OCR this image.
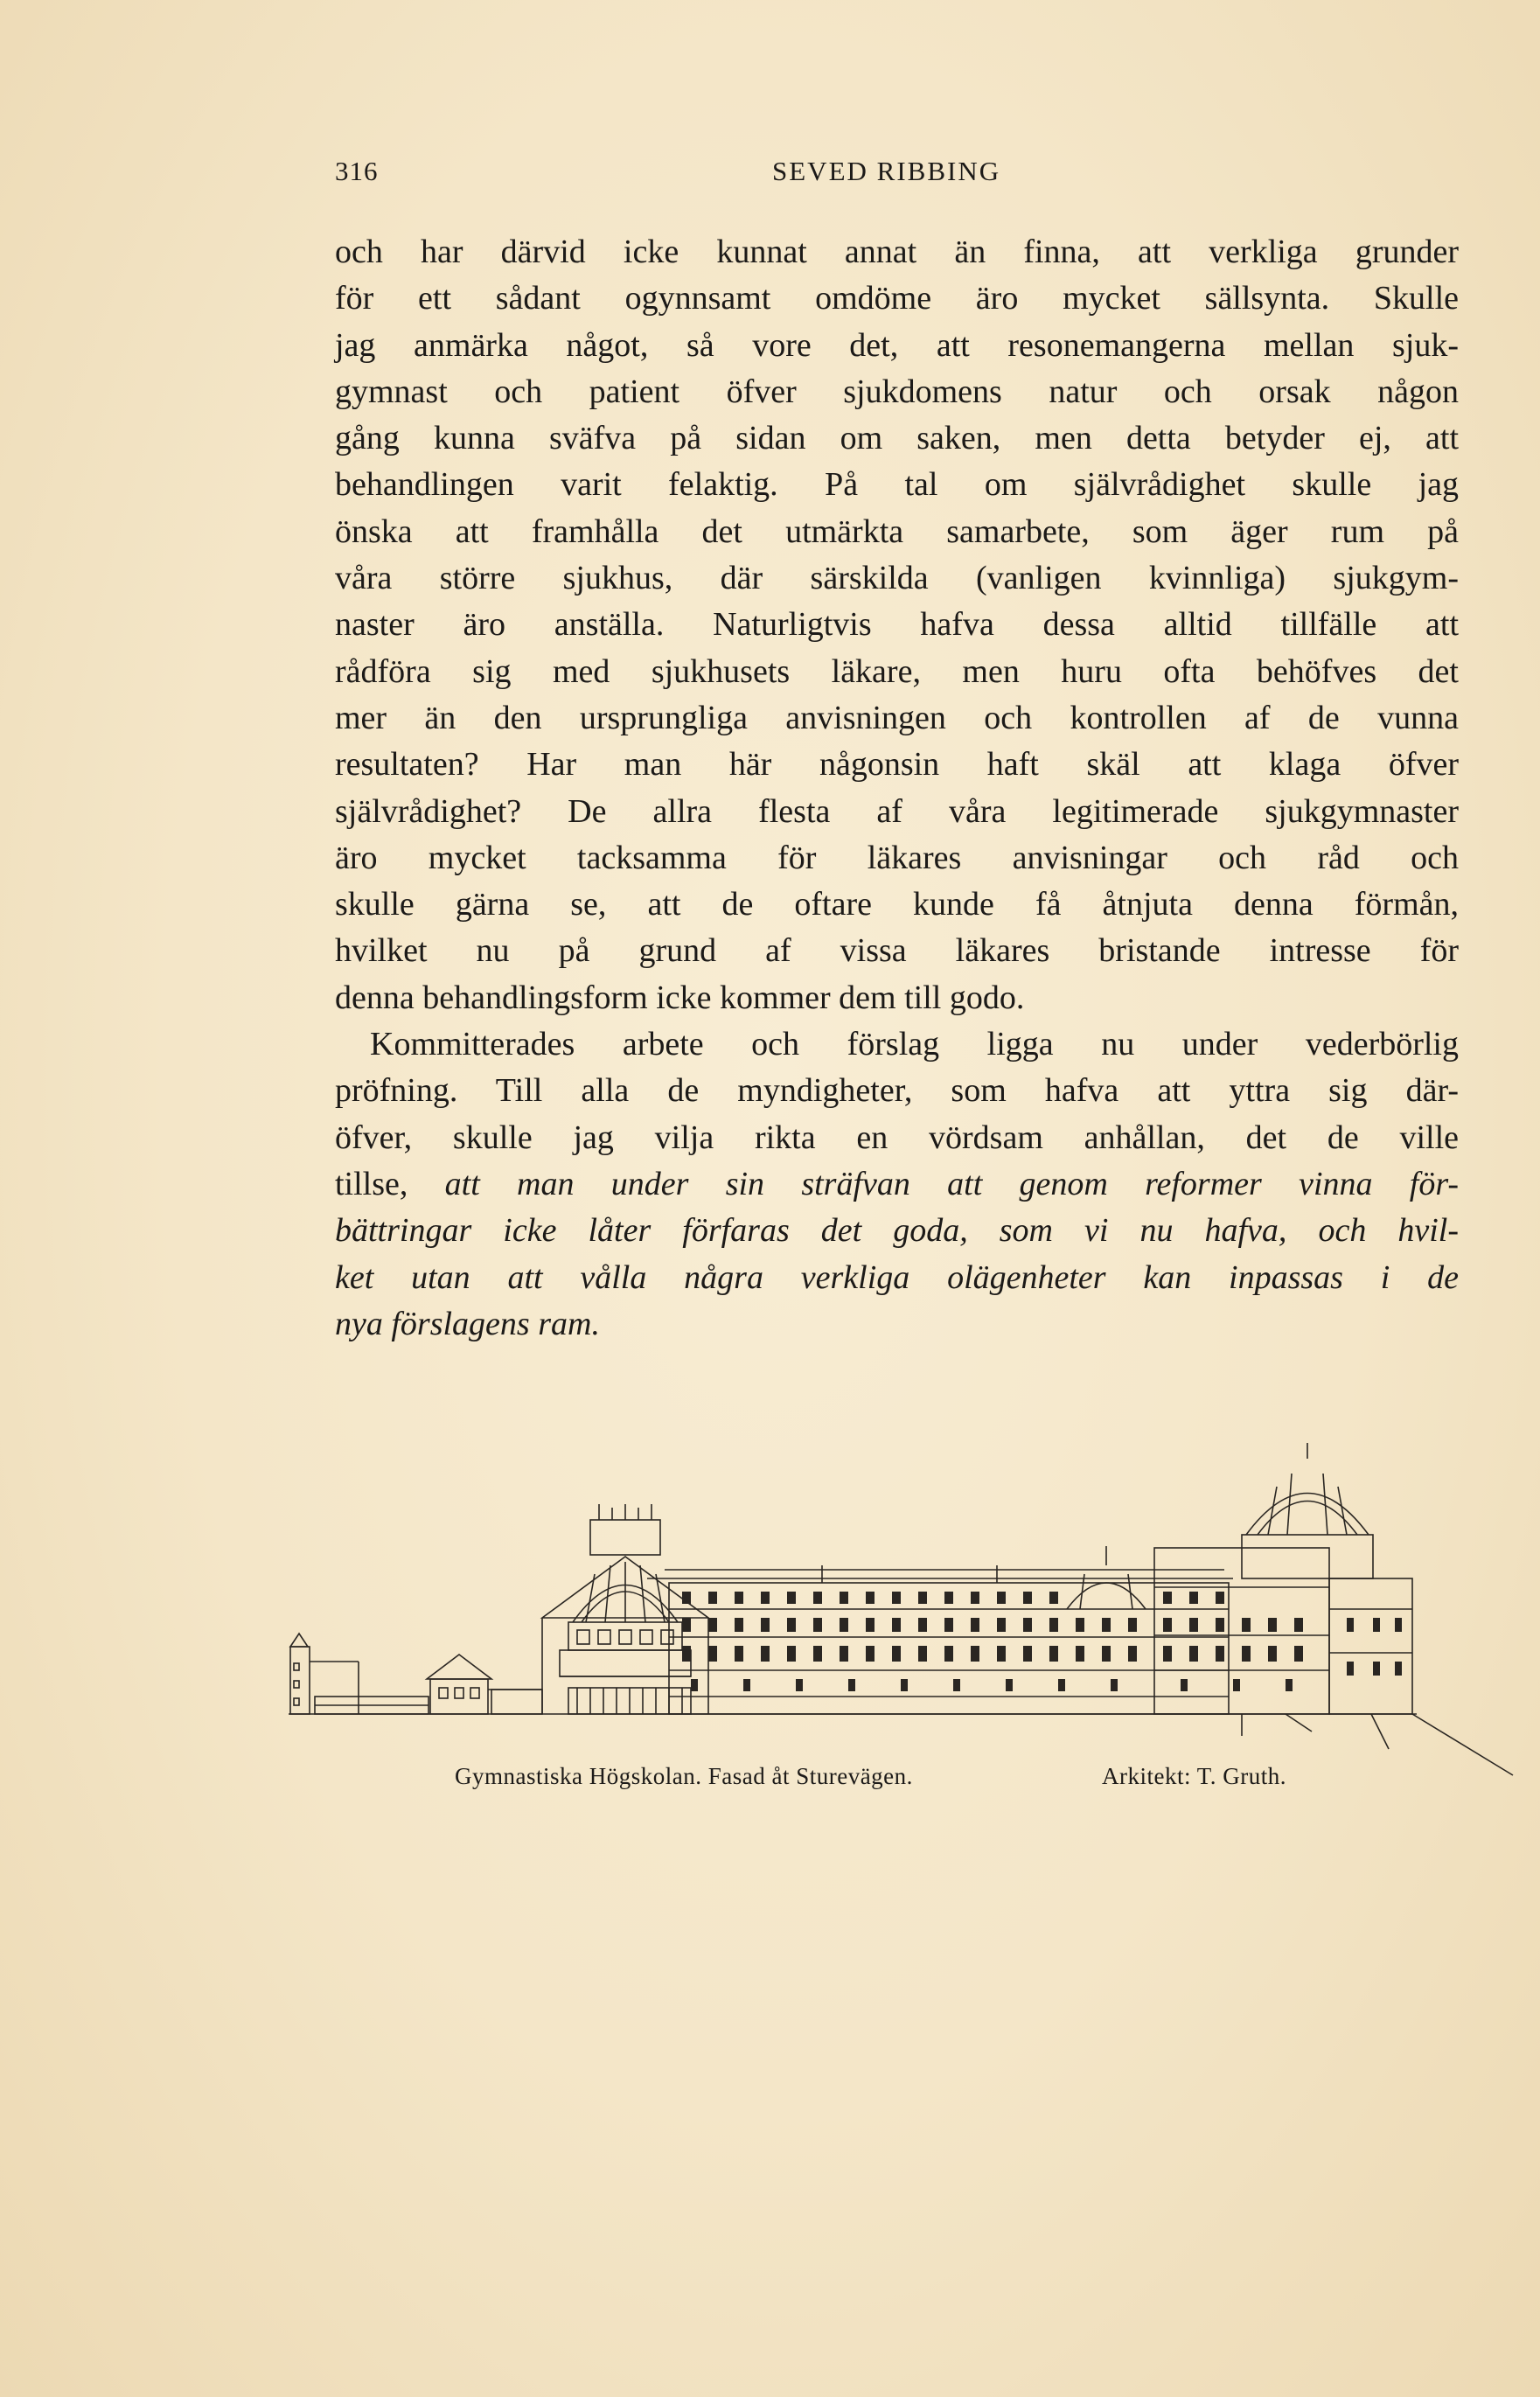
316	SEVED RIBBING
och har därvid icke kunnat annat än finna, att verkliga grunder
för ett sådant ogynnsamt omdöme äro mycket sällsynta. Skulle
jag anmärka något, så vore det, att resonemangerna mellan sjuk-
gymnast och patient öfver sjukdomens natur och orsak någon
gång kunna sväfva på sidan om saken, men detta betyder ej, att
behandlingen varit felaktig. På tal om självrådighet skulle jag
önska att framhålla det utmärkta samarbete, som äger rum på
våra större sjukhus, där särskilda (vanligen kvinnliga) sjukgym-
naster äro anställa. Naturligtvis hafva dessa alltid tillfälle att
rådföra sig med sjukhusets läkare, men huru ofta behöfves det
mer än den ursprungliga anvisningen och kontrollen af de vunna
resultaten? Har man här någonsin haft skäl att klaga öfver
självrådighet? De allra flesta af våra legitimerade sjukgymnaster
äro mycket tacksamma för läkares anvisningar och råd och
skulle gärna se, att de oftare kunde få åtnjuta denna förmån,
hvilket nu på grund af vissa läkares bristande intresse för
denna behandlingsform icke kommer dem till godo.
Kommitterades arbete och förslag ligga nu under vederbörlig
pröfning. Till alla de myndigheter, som hafva att yttra sig där-
öfver, skulle jag vilja rikta en vördsam anhållan, det de ville
tillse, att man under sin sträfvan att genom reformer vinna för-
bättringar icke låter förfaras det goda, som vi nu hafva, och hvil-
ket utan att vålla några verkliga olägenheter kan inpassas i de
nya förslagens ram.
Gymnastiska Högskolan. Fasad åt Sturevägen.	Arkitekt: T. Gruth.
